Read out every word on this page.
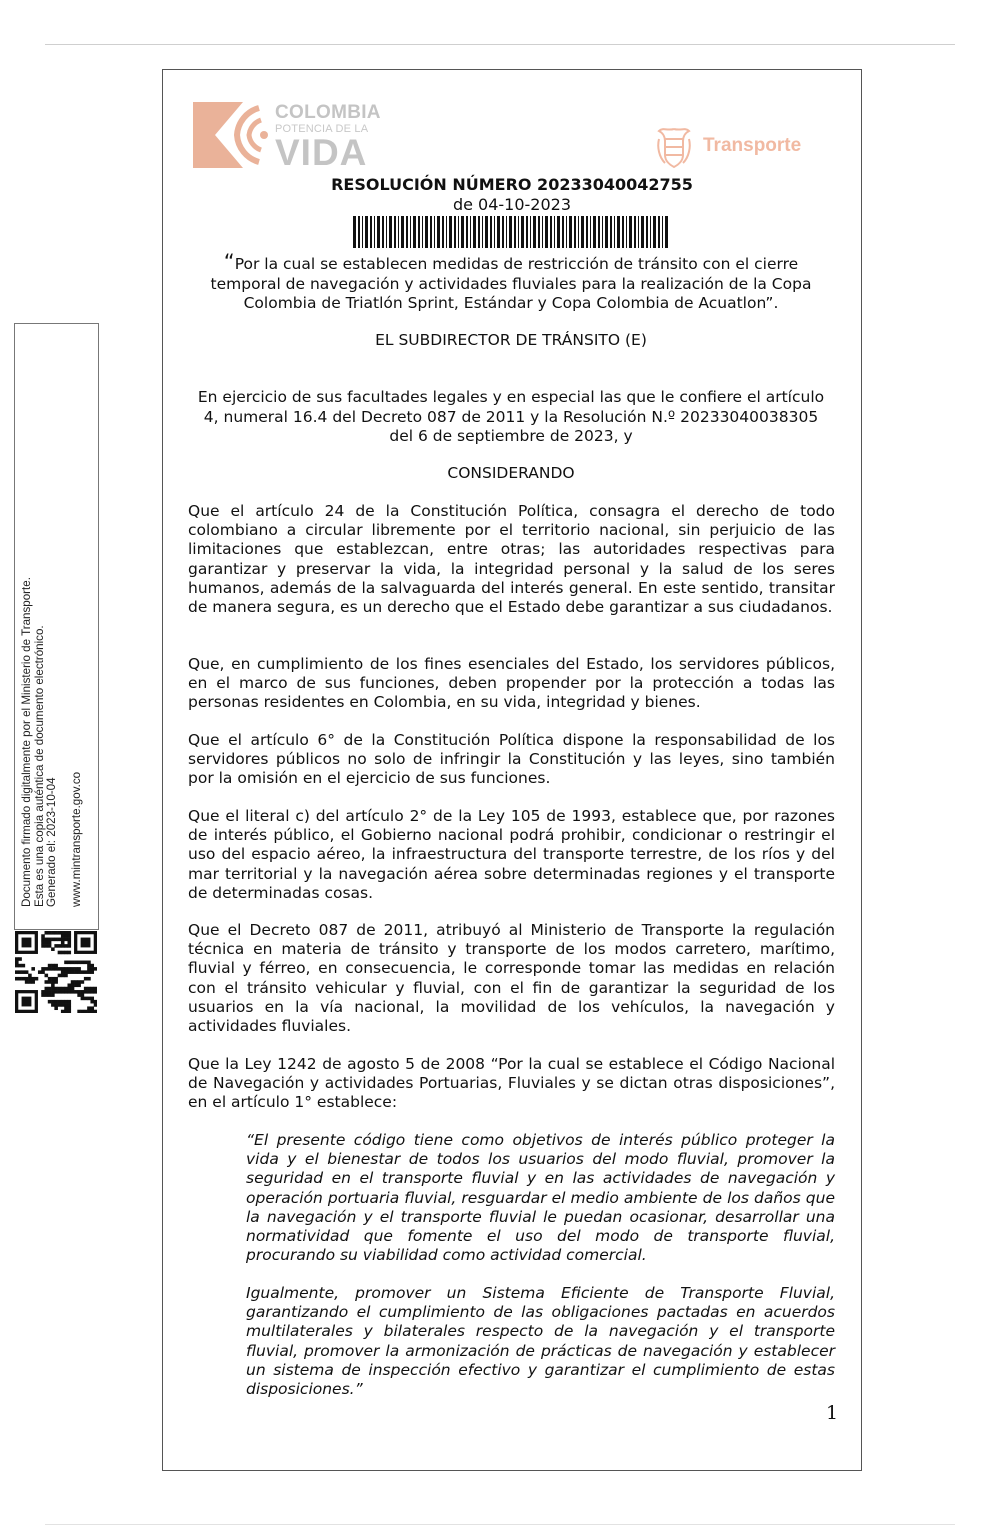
Documento firmado digitalmente por el Ministerio de Transporte. Esta es una copia auténtica de documento electrónico. Generado el: 2023-10-04 www.mintransporte.gov.co
COLOMBIA
POTENCIA DE LA
VIDA	Transporte
RESOLUCIÓN NÚMERO 20233040042755
de 04-10-2023
“Por la cual se establecen medidas de restricción de tránsito con el cierre temporal de navegación y actividades fluviales para la realización de la Copa Colombia de Triatlón Sprint, Estándar y Copa Colombia de Acuatlon”.
EL SUBDIRECTOR DE TRÁNSITO (E)
En ejercicio de sus facultades legales y en especial las que le confiere el artículo 4, numeral 16.4 del Decreto 087 de 2011 y la Resolución N.º 20233040038305 del 6 de septiembre de 2023, y
CONSIDERANDO
Que el artículo 24 de la Constitución Política, consagra el derecho de todo colombiano a circular libremente por el territorio nacional, sin perjuicio de las limitaciones que establezcan, entre otras; las autoridades respectivas para garantizar y preservar la vida, la integridad personal y la salud de los seres humanos, además de la salvaguarda del interés general. En este sentido, transitar de manera segura, es un derecho que el Estado debe garantizar a sus ciudadanos.
Que, en cumplimiento de los fines esenciales del Estado, los servidores públicos, en el marco de sus funciones, deben propender por la protección a todas las personas residentes en Colombia, en su vida, integridad y bienes.
Que el artículo 6° de la Constitución Política dispone la responsabilidad de los servidores públicos no solo de infringir la Constitución y las leyes, sino también por la omisión en el ejercicio de sus funciones.
Que el literal c) del artículo 2° de la Ley 105 de 1993, establece que, por razones de interés público, el Gobierno nacional podrá prohibir, condicionar o restringir el uso del espacio aéreo, la infraestructura del transporte terrestre, de los ríos y del mar territorial y la navegación aérea sobre determinadas regiones y el transporte de determinadas cosas.
Que el Decreto 087 de 2011, atribuyó al Ministerio de Transporte la regulación técnica en materia de tránsito y transporte de los modos carretero, marítimo, fluvial y férreo, en consecuencia, le corresponde tomar las medidas en relación con el tránsito vehicular y fluvial, con el fin de garantizar la seguridad de los usuarios en la vía nacional, la movilidad de los vehículos, la navegación y actividades fluviales.
Que la Ley 1242 de agosto 5 de 2008 “Por la cual se establece el Código Nacional de Navegación y actividades Portuarias, Fluviales y se dictan otras disposiciones”, en el artículo 1° establece:
“El presente código tiene como objetivos de interés público proteger la vida y el bienestar de todos los usuarios del modo fluvial, promover la seguridad en el transporte fluvial y en las actividades de navegación y operación portuaria fluvial, resguardar el medio ambiente de los daños que la navegación y el transporte fluvial le puedan ocasionar, desarrollar una normatividad que fomente el uso del modo de transporte fluvial, procurando su viabilidad como actividad comercial.
Igualmente, promover un Sistema Eficiente de Transporte Fluvial, garantizando el cumplimiento de las obligaciones pactadas en acuerdos multilaterales y bilaterales respecto de la navegación y el transporte fluvial, promover la armonización de prácticas de navegación y establecer un sistema de inspección efectivo y garantizar el cumplimiento de estas disposiciones.”
1
